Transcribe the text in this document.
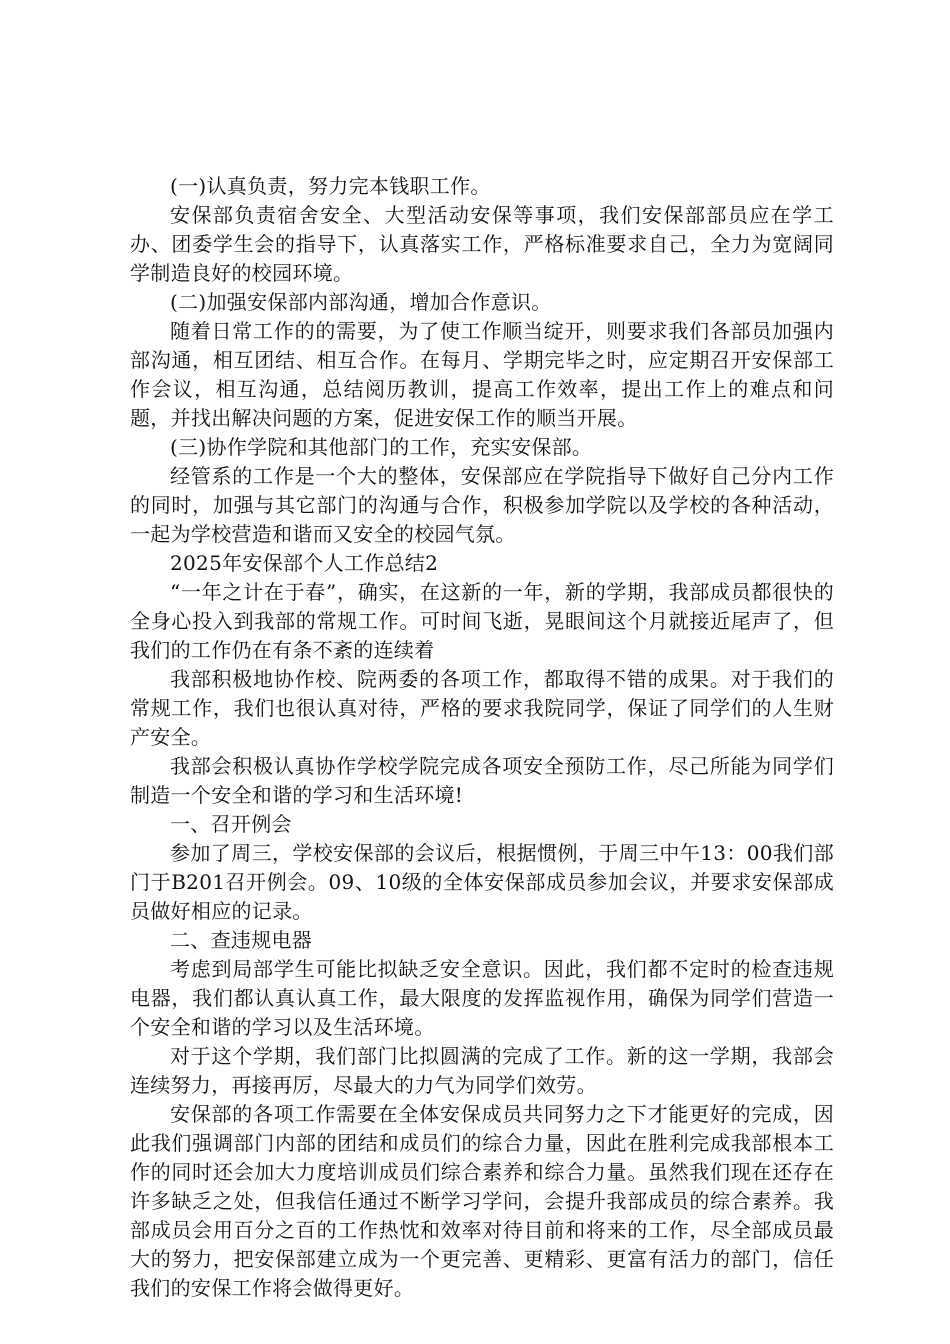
(一)认真负责，努力完本钱职工作。

安保部负责宿舍安全、大型活动安保等事项，我们安保部部员应在学工办、团委学生会的指导下，认真落实工作，严格标准要求自己，全力为宽阔同学制造良好的校园环境。

(二)加强安保部内部沟通，增加合作意识。

随着日常工作的的需要，为了使工作顺当绽开，则要求我们各部员加强内部沟通，相互团结、相互合作。在每月、学期完毕之时，应定期召开安保部工作会议，相互沟通，总结阅历教训，提高工作效率，提出工作上的难点和问题，并找出解决问题的方案，促进安保工作的顺当开展。

(三)协作学院和其他部门的工作，充实安保部。

经管系的工作是一个大的整体，安保部应在学院指导下做好自己分内工作的同时，加强与其它部门的沟通与合作，积极参加学院以及学校的各种活动，一起为学校营造和谐而又安全的校园气氛。

2025年安保部个人工作总结2

“一年之计在于春”，确实，在这新的一年，新的学期，我部成员都很快的全身心投入到我部的常规工作。可时间飞逝，晃眼间这个月就接近尾声了，但我们的工作仍在有条不紊的连续着

我部积极地协作校、院两委的各项工作，都取得不错的成果。对于我们的常规工作，我们也很认真对待，严格的要求我院同学，保证了同学们的人生财产安全。

我部会积极认真协作学校学院完成各项安全预防工作，尽己所能为同学们制造一个安全和谐的学习和生活环境!

一、召开例会

参加了周三，学校安保部的会议后，根据惯例，于周三中午13：00我们部门于B201召开例会。09、10级的全体安保部成员参加会议，并要求安保部成员做好相应的记录。

二、查违规电器

考虑到局部学生可能比拟缺乏安全意识。因此，我们都不定时的检查违规电器，我们都认真认真工作，最大限度的发挥监视作用，确保为同学们营造一个安全和谐的学习以及生活环境。

对于这个学期，我们部门比拟圆满的完成了工作。新的这一学期，我部会连续努力，再接再厉，尽最大的力气为同学们效劳。

安保部的各项工作需要在全体安保成员共同努力之下才能更好的完成，因此我们强调部门内部的团结和成员们的综合力量，因此在胜利完成我部根本工作的同时还会加大力度培训成员们综合素养和综合力量。虽然我们现在还存在许多缺乏之处，但我信任通过不断学习学问，会提升我部成员的综合素养。我部成员会用百分之百的工作热忱和效率对待目前和将来的工作，尽全部成员最大的努力，把安保部建立成为一个更完善、更精彩、更富有活力的部门，信任我们的安保工作将会做得更好。
